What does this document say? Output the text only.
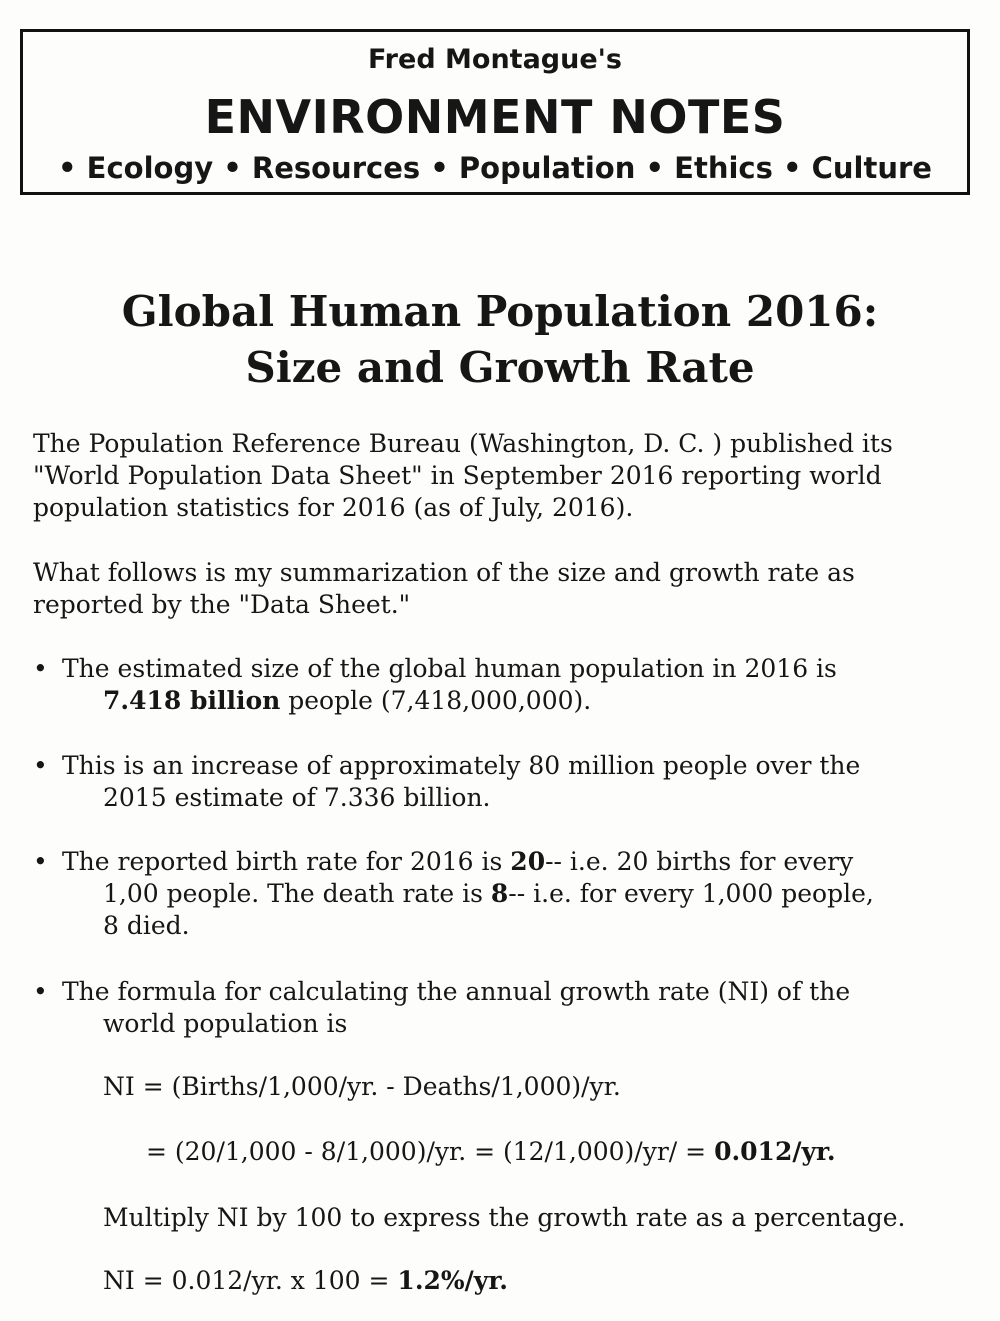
Fred Montague's
ENVIRONMENT NOTES
• Ecology • Resources • Population • Ethics • Culture
Global Human Population 2016:
Size and Growth Rate
The Population Reference Bureau (Washington, D. C. ) published its "World Population Data Sheet" in September 2016 reporting world population statistics for 2016 (as of July, 2016).
What follows is my summarization of the size and growth rate as reported by the "Data Sheet."
• The estimated size of the global human population in 2016 is
7.418 billion people (7,418,000,000).
• This is an increase of approximately 80 million people over the
2015 estimate of 7.336 billion.
• The reported birth rate for 2016 is 20-- i.e. 20 births for every
1,00 people. The death rate is 8-- i.e. for every 1,000 people,
8 died.
• The formula for calculating the annual growth rate (NI) of the
world population is
NI = (Births/1,000/yr. - Deaths/1,000)/yr.
= (20/1,000 - 8/1,000)/yr. = (12/1,000)/yr/ = 0.012/yr.
Multiply NI by 100 to express the growth rate as a percentage.
NI = 0.012/yr. x 100 = 1.2%/yr.
